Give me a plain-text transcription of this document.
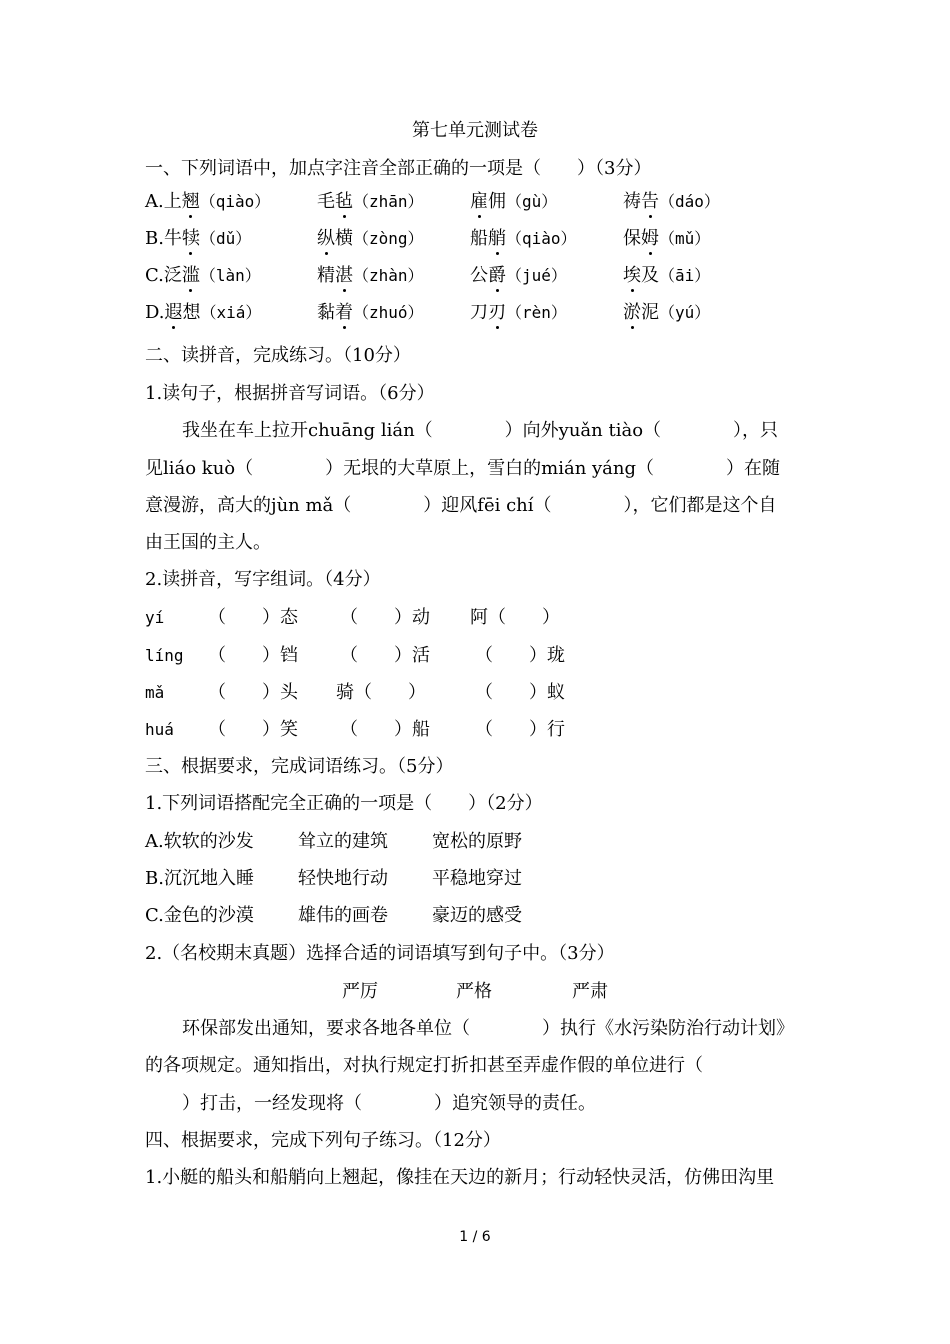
第七单元测试卷
一、下列词语中，加点字注音全部正确的一项是（　　）（3分）
A.上翘（qiào）	毛毡（zhān）	雇佣（gù）	祷告（dáo）
B.牛犊（dǔ）	纵横（zòng）	船艄（qiào）	保姆（mǔ）
C.泛滥（làn）	精湛（zhàn）	公爵（jué）	埃及（āi）
D.遐想（xiá）	黏着（zhuó）	刀刃（rèn）	淤泥（yú）
二、读拼音，完成练习。（10分）
1.读句子，根据拼音写词语。（6分）
我坐在车上拉开chuāng lián（　　　　）向外yuǎn tiào（　　　　），只
见liáo kuò（　　　　）无垠的大草原上，雪白的mián yáng（　　　　）在随
意漫游，高大的jùn mǎ（　　　　）迎风fēi chí（　　　　），它们都是这个自
由王国的主人。
2.读拼音，写字组词。（4分）
yí （　　）态 （　　）动 阿（　　）
líng （　　）铛 （　　）活	（　　）珑
mǎ （　　）头 骑（　　）	（　　）蚁
huá （　　）笑 （　　）船	（　　）行
三、根据要求，完成词语练习。（5分）
1.下列词语搭配完全正确的一项是（　　）（2分）
A.软软的沙发 耸立的建筑 宽松的原野
B.沉沉地入睡 轻快地行动 平稳地穿过
C.金色的沙漠 雄伟的画卷 豪迈的感受
2.（名校期末真题）选择合适的词语填写到句子中。（3分）
严厉	严格	严肃
环保部发出通知，要求各地各单位（　　　　）执行《水污染防治行动计划》
的各项规定。通知指出，对执行规定打折扣甚至弄虚作假的单位进行（
）打击，一经发现将（　　　　）追究领导的责任。
四、根据要求，完成下列句子练习。（12分）
1.小艇的船头和船艄向上翘起，像挂在天边的新月；行动轻快灵活，仿佛田沟里
1 / 6
